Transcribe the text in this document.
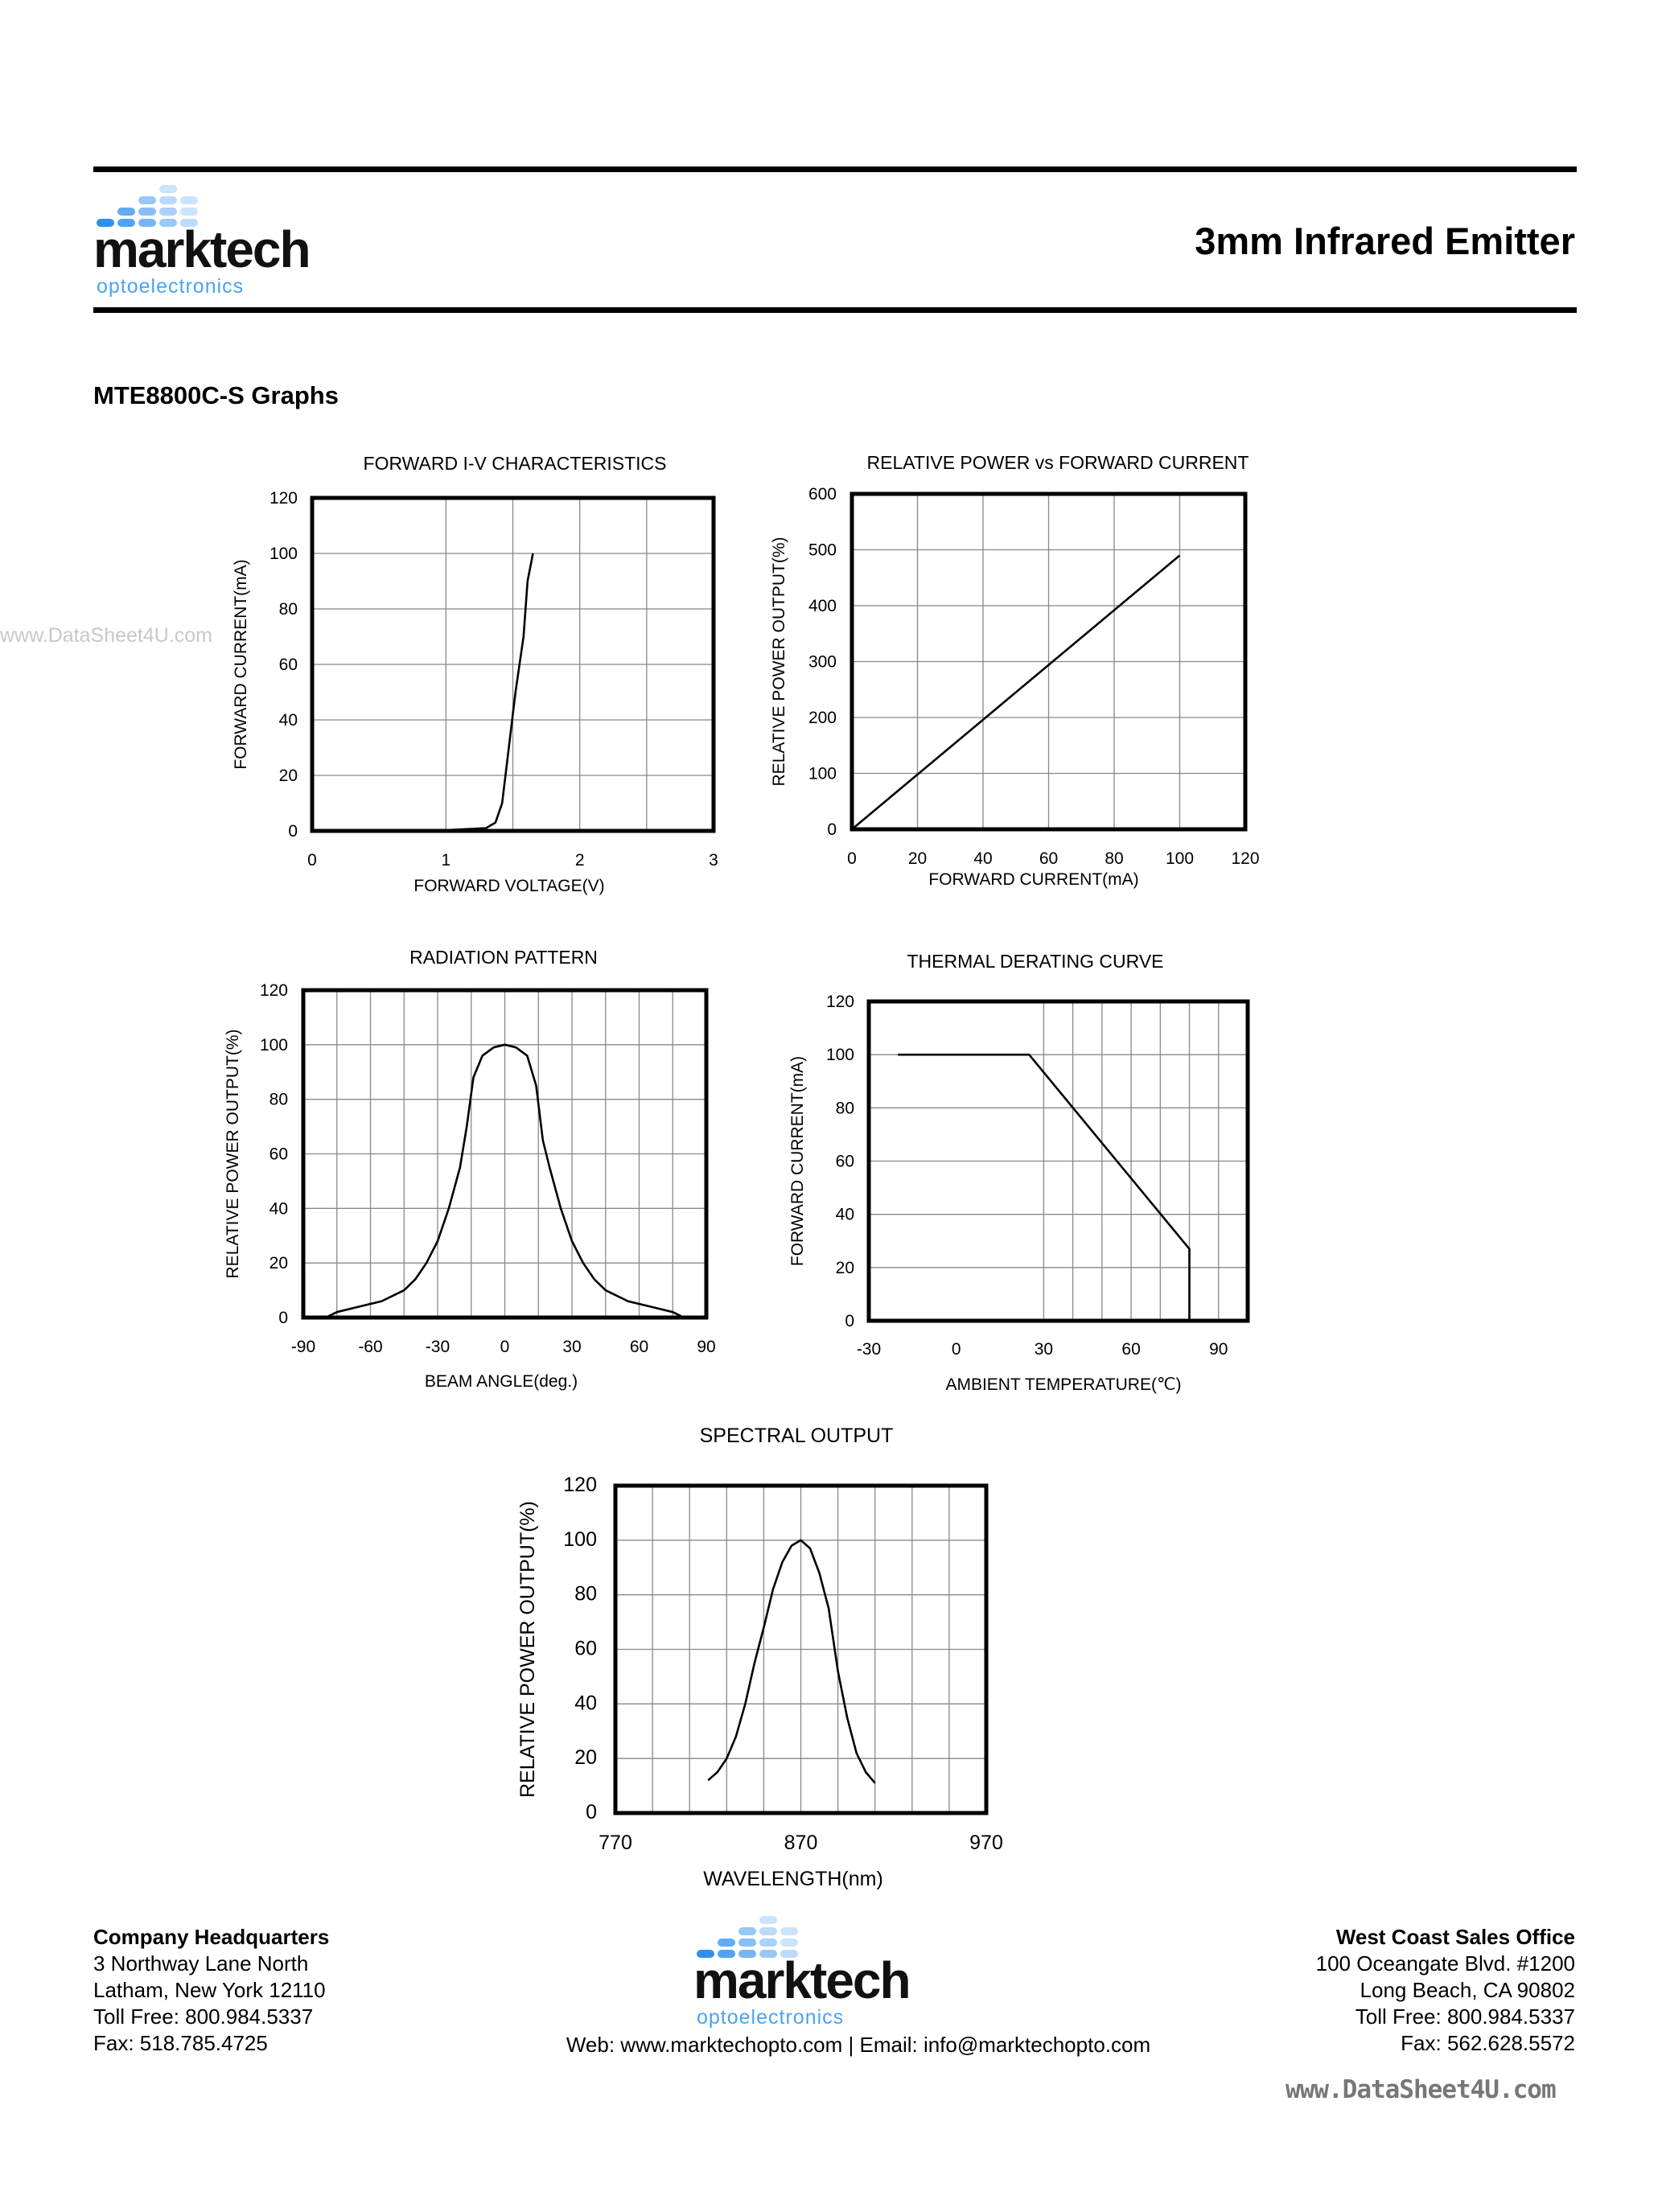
marktech
optoelectronics
3mm Infrared Emitter
MTE8800C-S Graphs
www.DataSheet4U.com
FORWARD I-V CHARACTERISTICS
0	1	2	3
0
20
40
60
80
100
120
FORWARD VOLTAGE(V)
FORWARD CURRENT(mA)
RELATIVE POWER vs FORWARD CURRENT
0	20	40	60	80 100 120
0
100
200
300
400
500
600
FORWARD CURRENT(mA)
RELATIVE POWER OUTPUT(%)
RADIATION PATTERN
-90	-60	-30	0	30	60	90
0
20
40
60
80
100
120
BEAM ANGLE(deg.)
RELATIVE POWER OUTPUT(%)
THERMAL DERATING CURVE
-30	0	30	60	90
0
20
40
60
80
100
120
AMBIENT TEMPERATURE(℃)
FORWARD CURRENT(mA)
SPECTRAL OUTPUT
770	870	970
0
20
40
60
80
100
120
WAVELENGTH(nm)
RELATIVE POWER OUTPUT(%)
Company Headquarters
3 Northway Lane North
Latham, New York 12110
Toll Free: 800.984.5337
Fax: 518.785.4725
West Coast Sales Office
100 Oceangate Blvd. #1200
Long Beach, CA 90802
Toll Free: 800.984.5337
Fax: 562.628.5572
marktech
optoelectronics
Web: www.marktechopto.com | Email: info@marktechopto.com
www.DataSheet4U.com
